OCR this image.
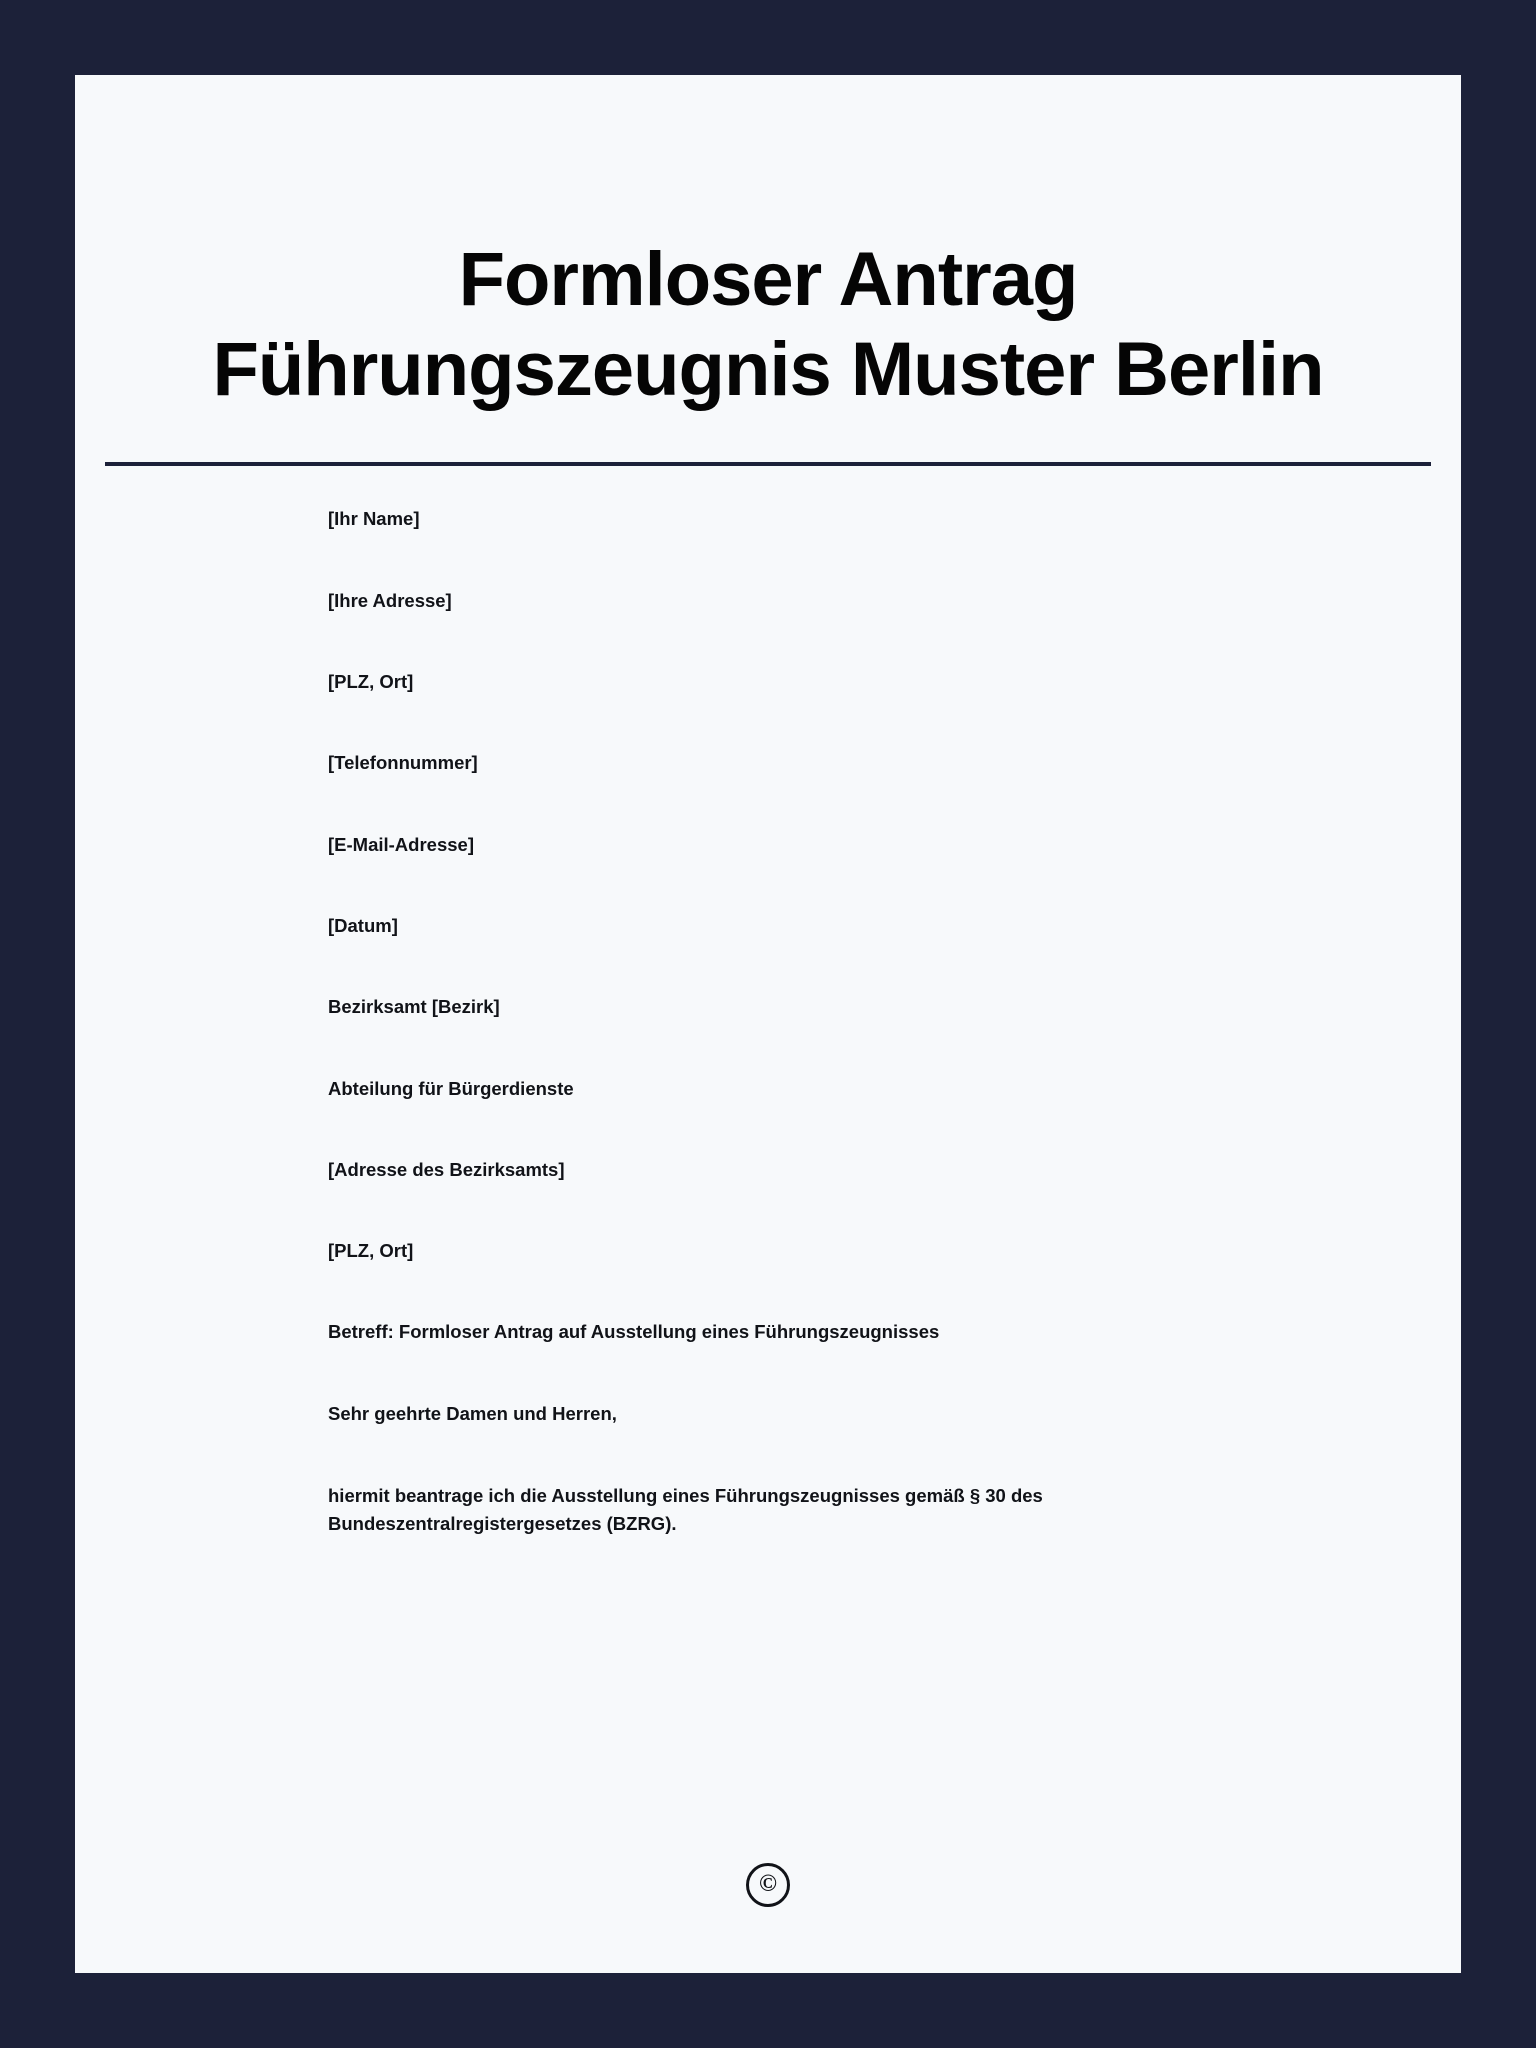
Formloser Antrag Führungszeugnis Muster Berlin

[Ihr Name]

[Ihre Adresse]

[PLZ, Ort]

[Telefonnummer]

[E-Mail-Adresse]

[Datum]

Bezirksamt [Bezirk]

Abteilung für Bürgerdienste

[Adresse des Bezirksamts]

[PLZ, Ort]

Betreff: Formloser Antrag auf Ausstellung eines Führungszeugnisses

Sehr geehrte Damen und Herren,

hiermit beantrage ich die Ausstellung eines Führungszeugnisses gemäß § 30 des Bundeszentralregistergesetzes (BZRG).

©
